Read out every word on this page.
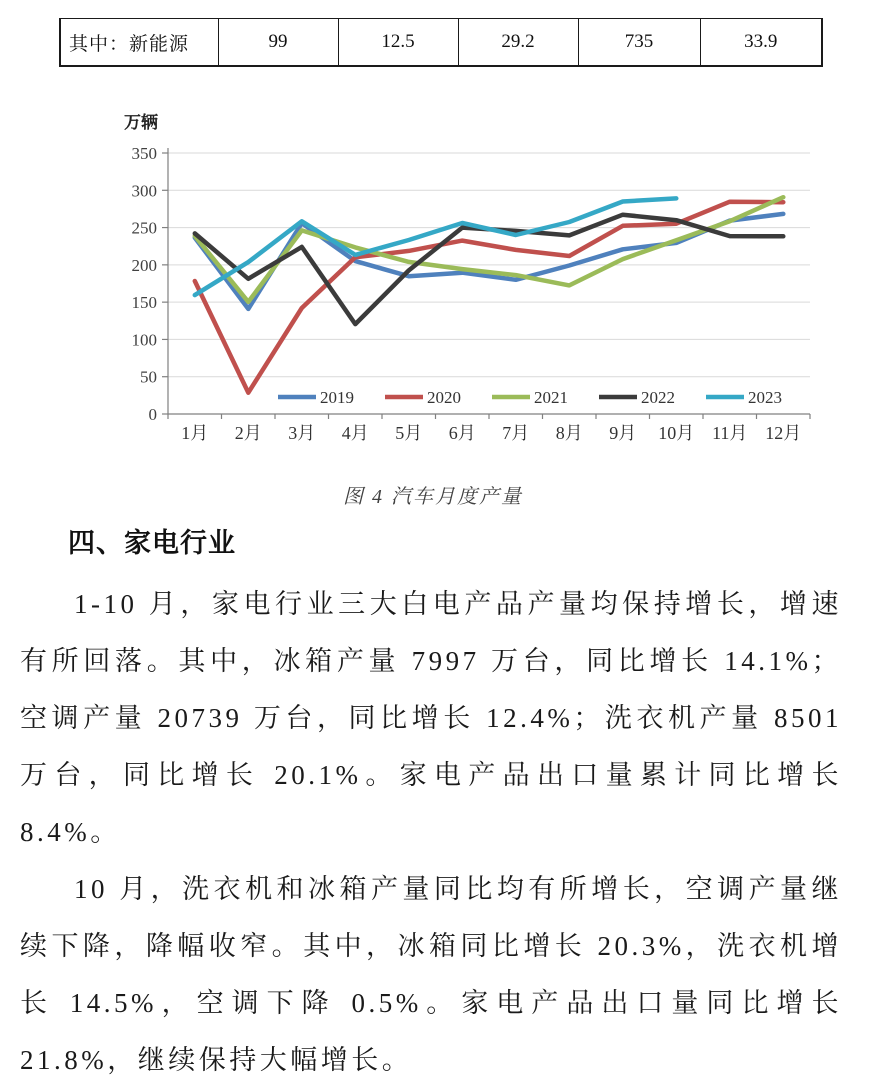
其中：新能源	99	12.5	29.2	735	33.9
0
50
100
150
200
250
300
350
1月 2月 3月 4月 5月 6月 7月 8月 9月 10月 11月 12月
万辆
2019	2020	2021	2022	2023
图 4 汽车月度产量
四、家电行业

1-10 月，家电行业三大白电产品产量均保持增长，增速有所回落。其中，冰箱产量 7997 万台，同比增长 14.1%；空调产量 20739 万台，同比增长 12.4%；洗衣机产量 8501 万台，同比增长 20.1%。家电产品出口量累计同比增长 8.4%。

10 月，洗衣机和冰箱产量同比均有所增长，空调产量继续下降，降幅收窄。其中，冰箱同比增长 20.3%，洗衣机增长 14.5%，空调下降 0.5%。家电产品出口量同比增长 21.8%，继续保持大幅增长。
